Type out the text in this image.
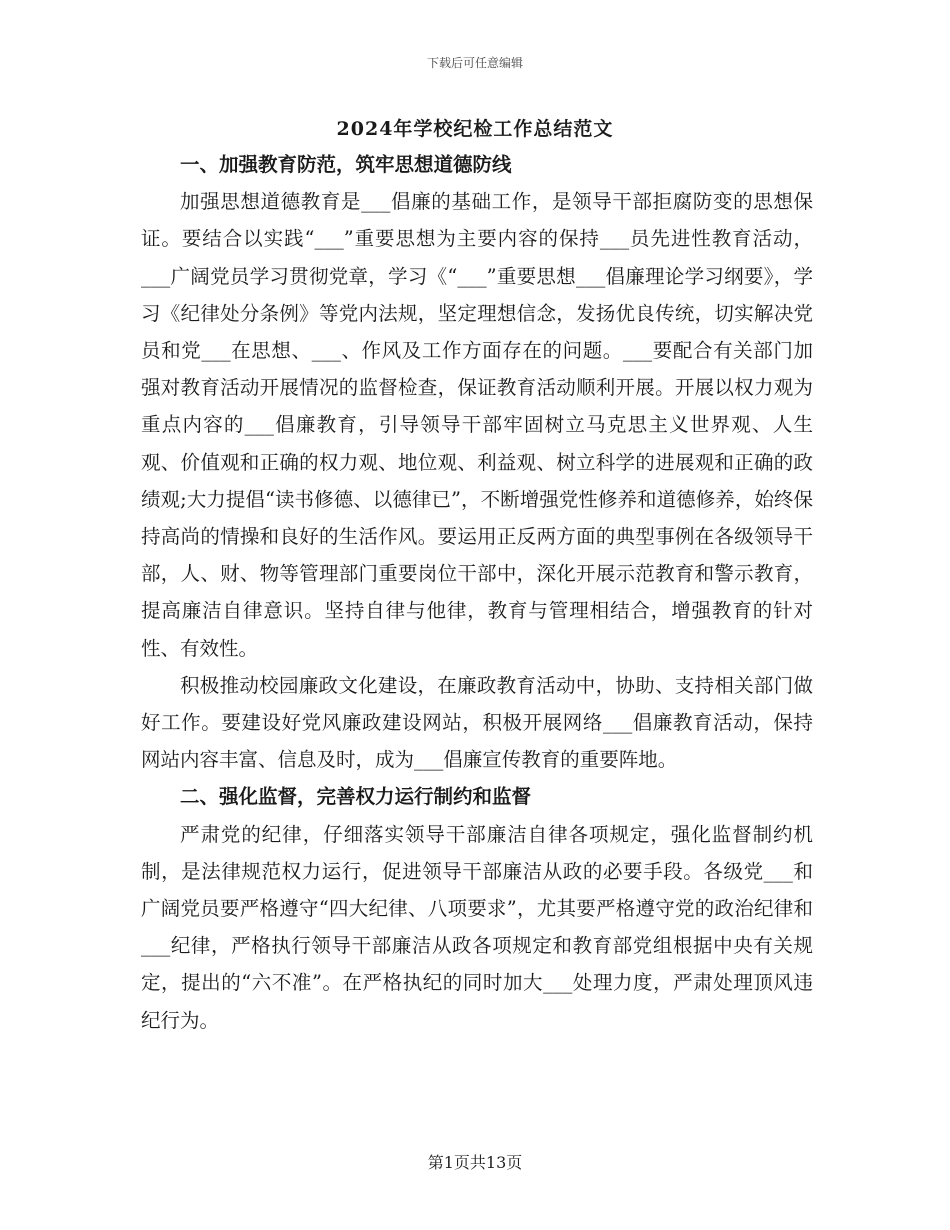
下载后可任意编辑
2024年学校纪检工作总结范文
一、加强教育防范，筑牢思想道德防线

加强思想道德教育是___倡廉的基础工作，是领导干部拒腐防变的思想保证。要结合以实践“___”重要思想为主要内容的保持___员先进性教育活动，___广阔党员学习贯彻党章，学习《“___”重要思想___倡廉理论学习纲要》，学习《纪律处分条例》等党内法规，坚定理想信念，发扬优良传统，切实解决党员和党___在思想、___、作风及工作方面存在的问题。___要配合有关部门加强对教育活动开展情况的监督检查，保证教育活动顺利开展。开展以权力观为重点内容的___倡廉教育，引导领导干部牢固树立马克思主义世界观、人生观、价值观和正确的权力观、地位观、利益观、树立科学的进展观和正确的政绩观;大力提倡“读书修德、以德律已”，不断增强党性修养和道德修养，始终保持高尚的情操和良好的生活作风。要运用正反两方面的典型事例在各级领导干部，人、财、物等管理部门重要岗位干部中，深化开展示范教育和警示教育，提高廉洁自律意识。坚持自律与他律，教育与管理相结合，增强教育的针对性、有效性。

积极推动校园廉政文化建设，在廉政教育活动中，协助、支持相关部门做好工作。要建设好党风廉政建设网站，积极开展网络___倡廉教育活动，保持网站内容丰富、信息及时，成为___倡廉宣传教育的重要阵地。

二、强化监督，完善权力运行制约和监督

严肃党的纪律，仔细落实领导干部廉洁自律各项规定，强化监督制约机制，是法律规范权力运行，促进领导干部廉洁从政的必要手段。各级党___和广阔党员要严格遵守“四大纪律、八项要求”，尤其要严格遵守党的政治纪律和___纪律，严格执行领导干部廉洁从政各项规定和教育部党组根据中央有关规定，提出的“六不准”。在严格执纪的同时加大___处理力度，严肃处理顶风违纪行为。

第1页共13页
